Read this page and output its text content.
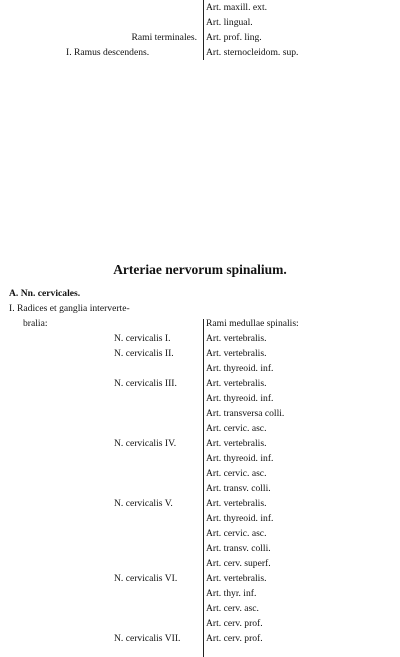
Art. maxill. ext.
Art. lingual.
Rami terminales. Art. prof. ling.
I. Ramus descendens.	Art. sternocleidom. sup.
Arteriae nervorum spinalium.
A. Nn. cervicales.
I. Radices et ganglia interverte-
bralia:	Rami medullae spinalis:
N. cervicalis I.	Art. vertebralis.
N. cervicalis II.	Art. vertebralis.
Art. thyreoid. inf.
N. cervicalis III.	Art. vertebralis.
Art. thyreoid. inf.
Art. transversa colli.
Art. cervic. asc.
N. cervicalis IV.	Art. vertebralis.
Art. thyreoid. inf.
Art. cervic. asc.
Art. transv. colli.
N. cervicalis V.	Art. vertebralis.
Art. thyreoid. inf.
Art. cervic. asc.
Art. transv. colli.
Art. cerv. superf.
N. cervicalis VI.	Art. vertebralis.
Art. thyr. inf.
Art. cerv. asc.
Art. cerv. prof.
N. cervicalis VII.	Art. cerv. prof.
